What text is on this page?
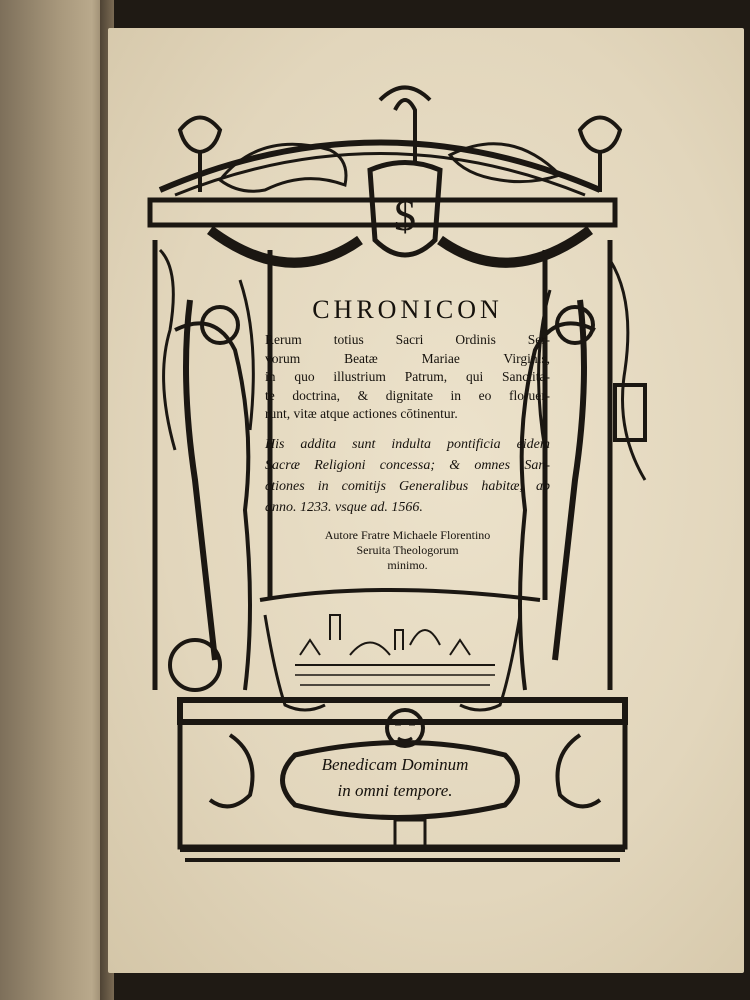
$
CHRONICON
Rerum totius Sacri Ordinis Ser-
vorum Beatæ Mariae Virginis,
in quo illustrium Patrum, qui Sanctita-
te doctrina, & dignitate in eo floruer-
runt, vitæ atque actiones cōtinentur.
His addita sunt indulta pontificia eidem
Sacræ Religioni concessa; & omnes San-
ctiones in comitijs Generalibus habitæ, ab
anno. 1233. vsque ad. 1566.
Autore Fratre Michaele Florentino
Seruita Theologorum
minimo.
Benedicam Dominum
in omni tempore.
